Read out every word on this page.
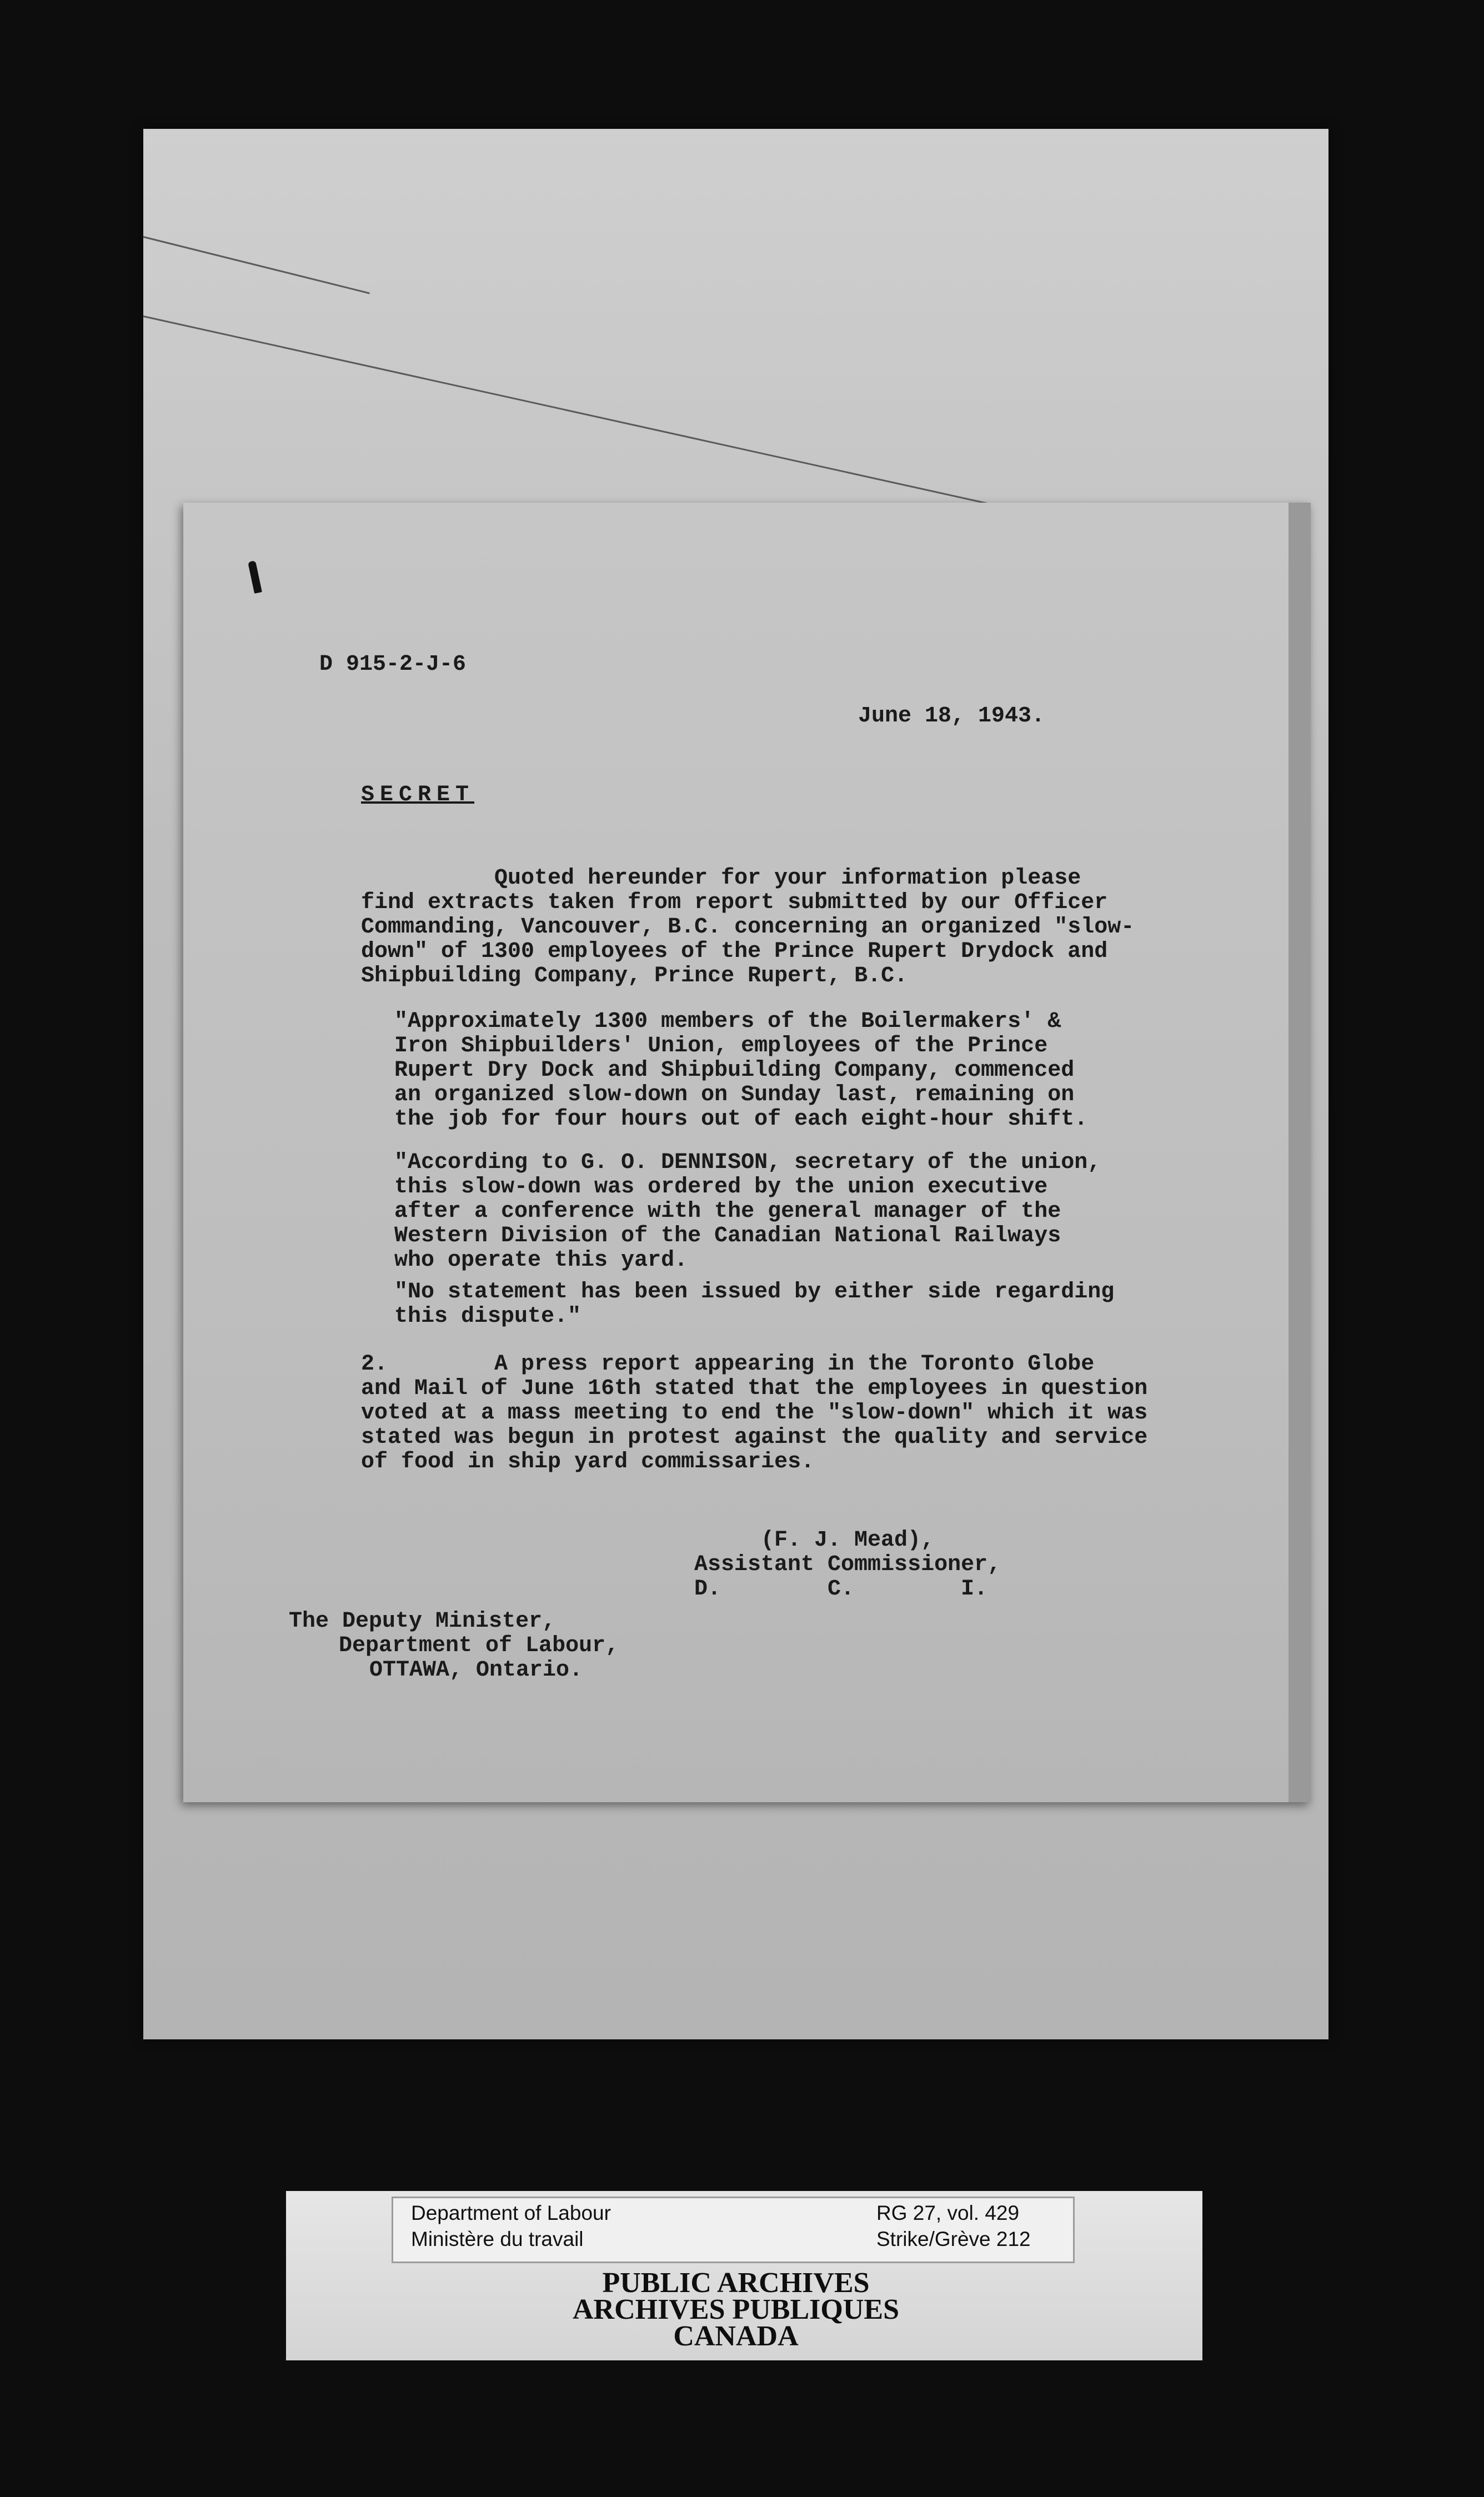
D 915-2-J-6

June 18, 1943.

SECRET

Quoted hereunder for your information please
find extracts taken from report submitted by our Officer
Commanding, Vancouver, B.C. concerning an organized "slow-
down" of 1300 employees of the Prince Rupert Drydock and
Shipbuilding Company, Prince Rupert, B.C.

"Approximately 1300 members of the Boilermakers' &
Iron Shipbuilders' Union, employees of the Prince
Rupert Dry Dock and Shipbuilding Company, commenced
an organized slow-down on Sunday last, remaining on
the job for four hours out of each eight-hour shift.

"According to G. O. DENNISON, secretary of the union,
this slow-down was ordered by the union executive
after a conference with the general manager of the
Western Division of the Canadian National Railways
who operate this yard.

"No statement has been issued by either side regarding
this dispute."

2.        A press report appearing in the Toronto Globe
and Mail of June 16th stated that the employees in question
voted at a mass meeting to end the "slow-down" which it was
stated was begun in protest against the quality and service
of food in ship yard commissaries.

(F. J. Mead),

Assistant Commissioner,

D.        C.        I.

The Deputy Minister,

Department of Labour,

OTTAWA, Ontario.

Department of Labour

Ministère du travail

RG 27, vol. 429

Strike/Grève 212

PUBLIC ARCHIVES

ARCHIVES PUBLIQUES

CANADA
